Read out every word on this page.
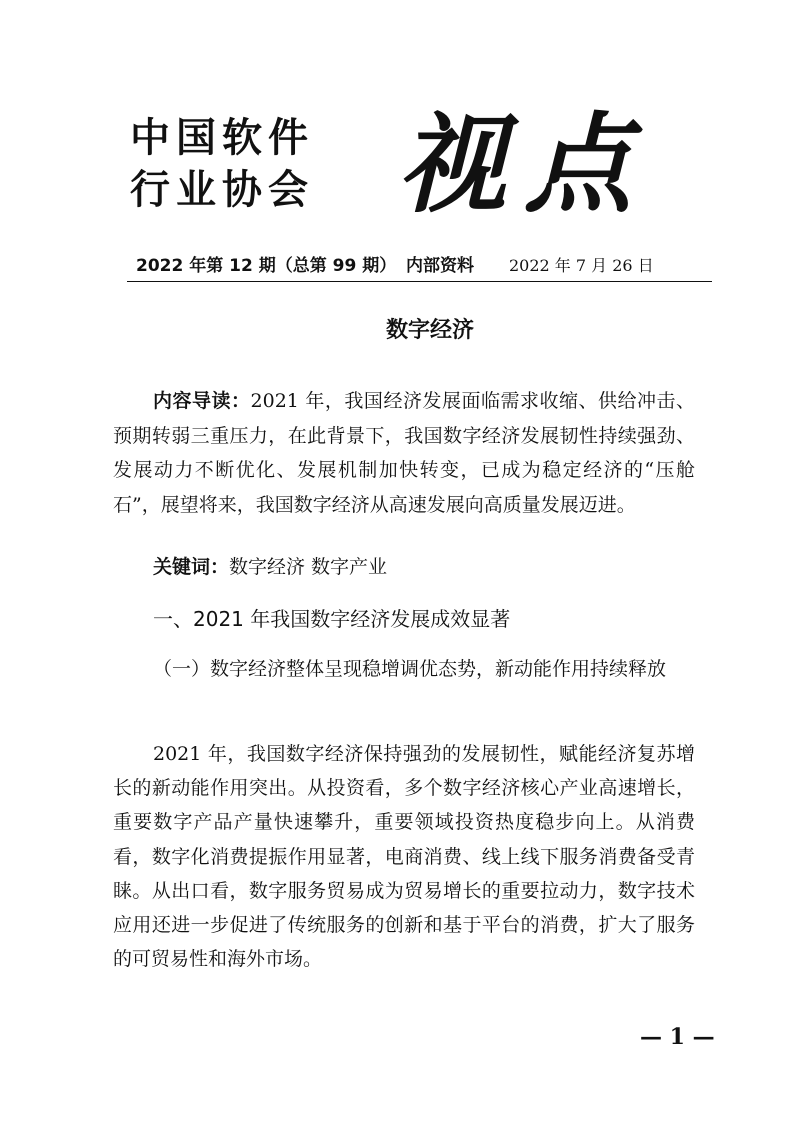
中国软件
行业协会 视点
2022 年第 12 期（总第 99 期） 内部资料 2022 年 7 月 26 日
数字经济
内容导读：2021 年，我国经济发展面临需求收缩、供给冲击、预期转弱三重压力，在此背景下，我国数字经济发展韧性持续强劲、发展动力不断优化、发展机制加快转变，已成为稳定经济的“压舱石”，展望将来，我国数字经济从高速发展向高质量发展迈进。
关键词：数字经济 数字产业
一、2021 年我国数字经济发展成效显著
（一）数字经济整体呈现稳增调优态势，新动能作用持续释放
2021 年，我国数字经济保持强劲的发展韧性，赋能经济复苏增长的新动能作用突出。从投资看，多个数字经济核心产业高速增长，重要数字产品产量快速攀升，重要领域投资热度稳步向上。从消费看，数字化消费提振作用显著，电商消费、线上线下服务消费备受青睐。从出口看，数字服务贸易成为贸易增长的重要拉动力，数字技术应用还进一步促进了传统服务的创新和基于平台的消费，扩大了服务的可贸易性和海外市场。
— 1 —
